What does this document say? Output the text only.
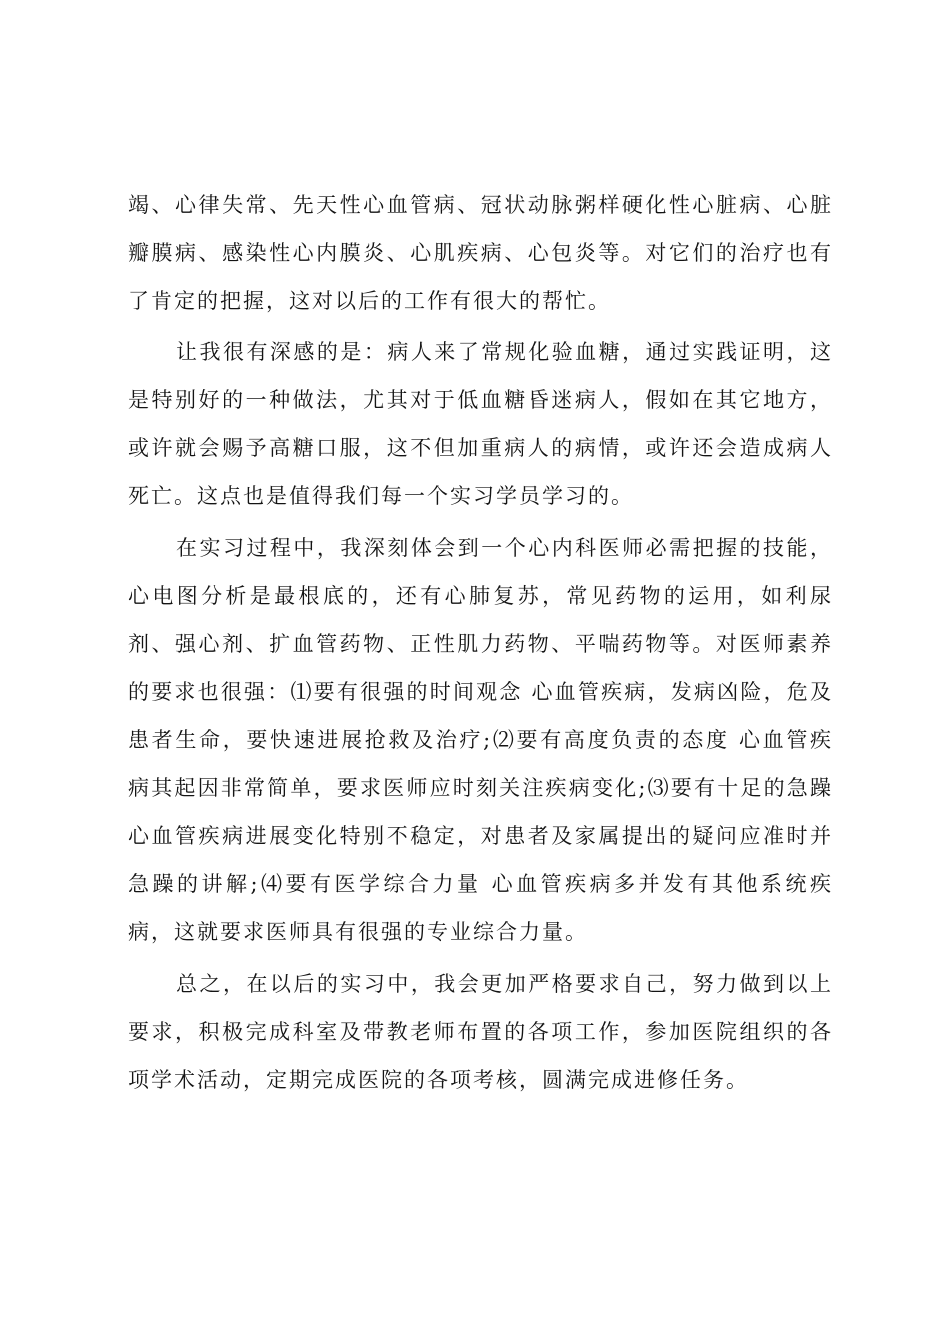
竭、心律失常、先天性心血管病、冠状动脉粥样硬化性心脏病、心脏瓣膜病、感染性心内膜炎、心肌疾病、心包炎等。对它们的治疗也有了肯定的把握，这对以后的工作有很大的帮忙。

让我很有深感的是：病人来了常规化验血糖，通过实践证明，这是特别好的一种做法，尤其对于低血糖昏迷病人，假如在其它地方，或许就会赐予高糖口服，这不但加重病人的病情，或许还会造成病人死亡。这点也是值得我们每一个实习学员学习的。

在实习过程中，我深刻体会到一个心内科医师必需把握的技能，心电图分析是最根底的，还有心肺复苏，常见药物的运用，如利尿剂、强心剂、扩血管药物、正性肌力药物、平喘药物等。对医师素养的要求也很强：⑴要有很强的时间观念 心血管疾病，发病凶险，危及患者生命，要快速进展抢救及治疗;⑵要有高度负责的态度 心血管疾病其起因非常简单，要求医师应时刻关注疾病变化;⑶要有十足的急躁 心血管疾病进展变化特别不稳定，对患者及家属提出的疑问应准时并急躁的讲解;⑷要有医学综合力量 心血管疾病多并发有其他系统疾病，这就要求医师具有很强的专业综合力量。

总之，在以后的实习中，我会更加严格要求自己，努力做到以上要求，积极完成科室及带教老师布置的各项工作，参加医院组织的各项学术活动，定期完成医院的各项考核，圆满完成进修任务。
